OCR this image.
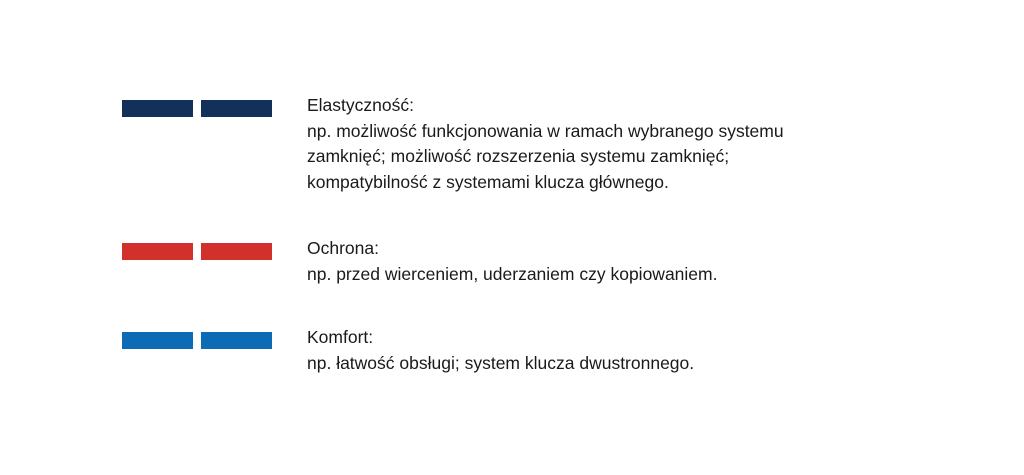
Elastyczność:
np. możliwość funkcjonowania w ramach wybranego systemu
zamknięć; możliwość rozszerzenia systemu zamknięć;
kompatybilność z systemami klucza głównego.
Ochrona:
np. przed wierceniem, uderzaniem czy kopiowaniem.
Komfort:
np. łatwość obsługi; system klucza dwustronnego.
